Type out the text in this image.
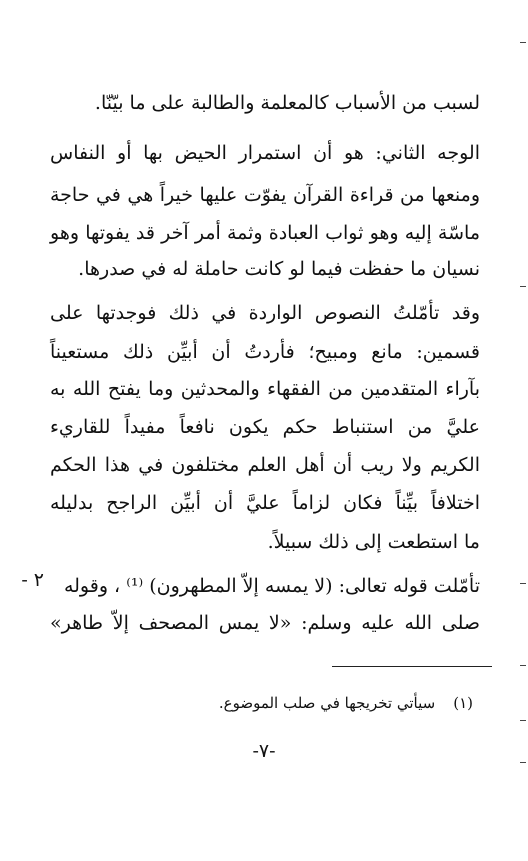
لسبب من الأسباب كالمعلمة والطالبة على ما بيّنّا.
الوجه الثاني: هو أن استمرار الحيض بها أو النفاس
ومنعها من قراءة القرآن يفوّت عليها خيراً هي في حاجة
ماسّة إليه وهو ثواب العبادة وثمة أمر آخر قد يفوتها وهو
نسيان ما حفظت فيما لو كانت حاملة له في صدرها.
وقد تأمّلتُ النصوص الواردة في ذلك فوجدتها على
قسمين: مانع ومبيح؛ فأردتُ أن أبيِّن ذلك مستعيناً
بآراء المتقدمين من الفقهاء والمحدثين وما يفتح الله به
عليَّ من استنباط حكم يكون نافعاً مفيداً للقاريء
الكريم ولا ريب أن أهل العلم مختلفون في هذا الحكم
اختلافاً بيِّناً فكان لزاماً عليَّ أن أبيِّن الراجح بدليله
ما استطعت إلى ذلك سبيلاً.
٢ - تأمّلت قوله تعالى: (لا يمسه إلاّ المطهرون) ⁽¹⁾ ، وقوله
صلى الله عليه وسلم: «لا يمس المصحف إلاّ طاهر»
(١)سيأتي تخريجها في صلب الموضوع.
-٧-
